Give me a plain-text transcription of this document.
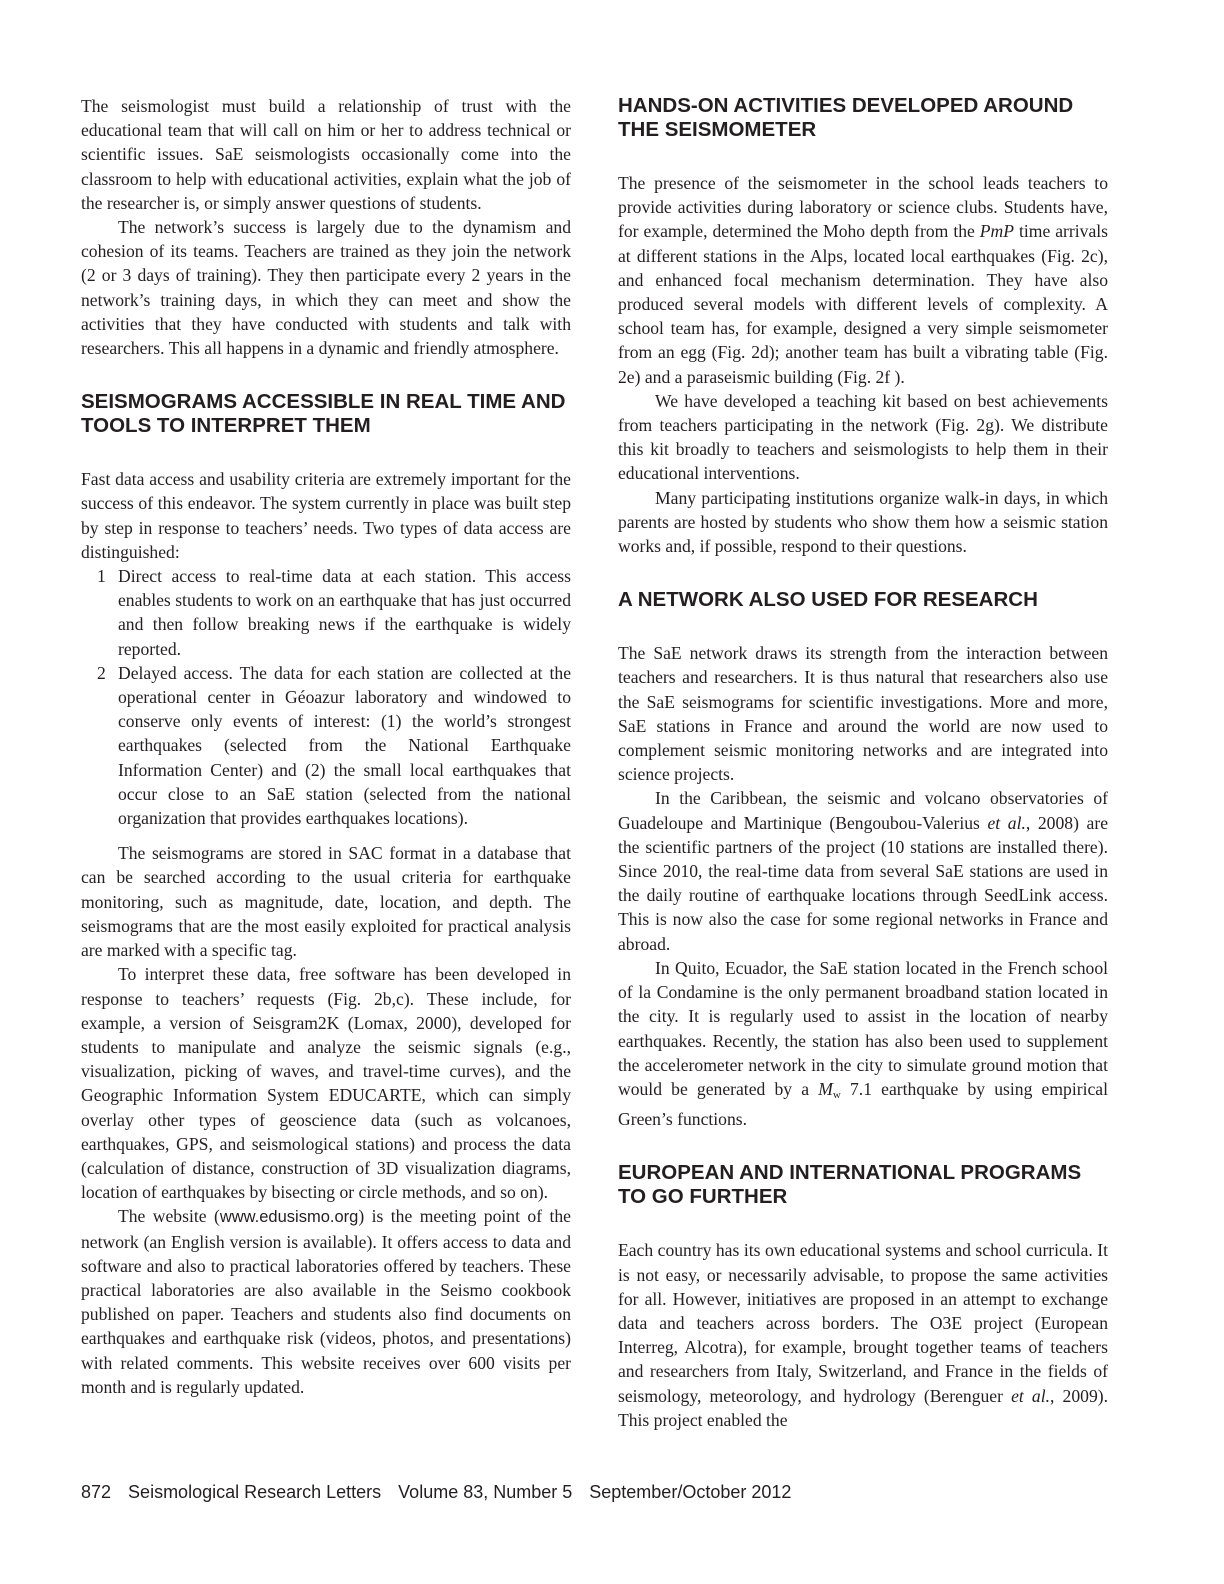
The seismologist must build a relationship of trust with the educational team that will call on him or her to address technical or scientific issues. SaE seismologists occasionally come into the classroom to help with educational activities, explain what the job of the researcher is, or simply answer questions of students.

The network’s success is largely due to the dynamism and cohesion of its teams. Teachers are trained as they join the network (2 or 3 days of training). They then participate every 2 years in the network’s training days, in which they can meet and show the activities that they have conducted with students and talk with researchers. This all happens in a dynamic and friendly atmosphere.

SEISMOGRAMS ACCESSIBLE IN REAL TIME AND
TOOLS TO INTERPRET THEM

Fast data access and usability criteria are extremely important for the success of this endeavor. The system currently in place was built step by step in response to teachers’ needs. Two types of data access are distinguished:

1 Direct access to real-time data at each station. This access enables students to work on an earthquake that has just occurred and then follow breaking news if the earthquake is widely reported.
2 Delayed access. The data for each station are collected at the operational center in Géoazur laboratory and windowed to conserve only events of interest: (1) the world’s strongest earthquakes (selected from the National Earthquake Information Center) and (2) the small local earthquakes that occur close to an SaE station (selected from the national organization that provides earthquakes locations).

The seismograms are stored in SAC format in a database that can be searched according to the usual criteria for earthquake monitoring, such as magnitude, date, location, and depth. The seismograms that are the most easily exploited for practical analysis are marked with a specific tag.

To interpret these data, free software has been developed in response to teachers’ requests (Fig. 2b,c). These include, for example, a version of Seisgram2K (Lomax, 2000), developed for students to manipulate and analyze the seismic signals (e.g., visualization, picking of waves, and travel-time curves), and the Geographic Information System EDUCARTE, which can simply overlay other types of geoscience data (such as volcanoes, earthquakes, GPS, and seismological stations) and process the data (calculation of distance, construction of 3D visualization diagrams, location of earthquakes by bisecting or circle methods, and so on).

The website (www.edusismo.org) is the meeting point of the network (an English version is available). It offers access to data and software and also to practical laboratories offered by teachers. These practical laboratories are also available in the Seismo cookbook published on paper. Teachers and students also find documents on earthquakes and earthquake risk (videos, photos, and presentations) with related comments. This website receives over 600 visits per month and is regularly updated.

HANDS-ON ACTIVITIES DEVELOPED AROUND
THE SEISMOMETER

The presence of the seismometer in the school leads teachers to provide activities during laboratory or science clubs. Students have, for example, determined the Moho depth from the PmP time arrivals at different stations in the Alps, located local earthquakes (Fig. 2c), and enhanced focal mechanism determination. They have also produced several models with different levels of complexity. A school team has, for example, designed a very simple seismometer from an egg (Fig. 2d); another team has built a vibrating table (Fig. 2e) and a paraseismic building (Fig. 2f ).

We have developed a teaching kit based on best achievements from teachers participating in the network (Fig. 2g). We distribute this kit broadly to teachers and seismologists to help them in their educational interventions.

Many participating institutions organize walk-in days, in which parents are hosted by students who show them how a seismic station works and, if possible, respond to their questions.

A NETWORK ALSO USED FOR RESEARCH

The SaE network draws its strength from the interaction between teachers and researchers. It is thus natural that researchers also use the SaE seismograms for scientific investigations. More and more, SaE stations in France and around the world are now used to complement seismic monitoring networks and are integrated into science projects.

In the Caribbean, the seismic and volcano observatories of Guadeloupe and Martinique (Bengoubou-Valerius et al., 2008) are the scientific partners of the project (10 stations are installed there). Since 2010, the real-time data from several SaE stations are used in the daily routine of earthquake locations through SeedLink access. This is now also the case for some regional networks in France and abroad.

In Quito, Ecuador, the SaE station located in the French school of la Condamine is the only permanent broadband station located in the city. It is regularly used to assist in the location of nearby earthquakes. Recently, the station has also been used to supplement the accelerometer network in the city to simulate ground motion that would be generated by a $M_w$ 7.1 earthquake by using empirical Green’s functions.

EUROPEAN AND INTERNATIONAL PROGRAMS
TO GO FURTHER

Each country has its own educational systems and school curricula. It is not easy, or necessarily advisable, to propose the same activities for all. However, initiatives are proposed in an attempt to exchange data and teachers across borders. The O3E project (European Interreg, Alcotra), for example, brought together teams of teachers and researchers from Italy, Switzerland, and France in the fields of seismology, meteorology, and hydrology (Berenguer et al., 2009). This project enabled the

872 Seismological Research Letters Volume 83, Number 5 September/October 2012
